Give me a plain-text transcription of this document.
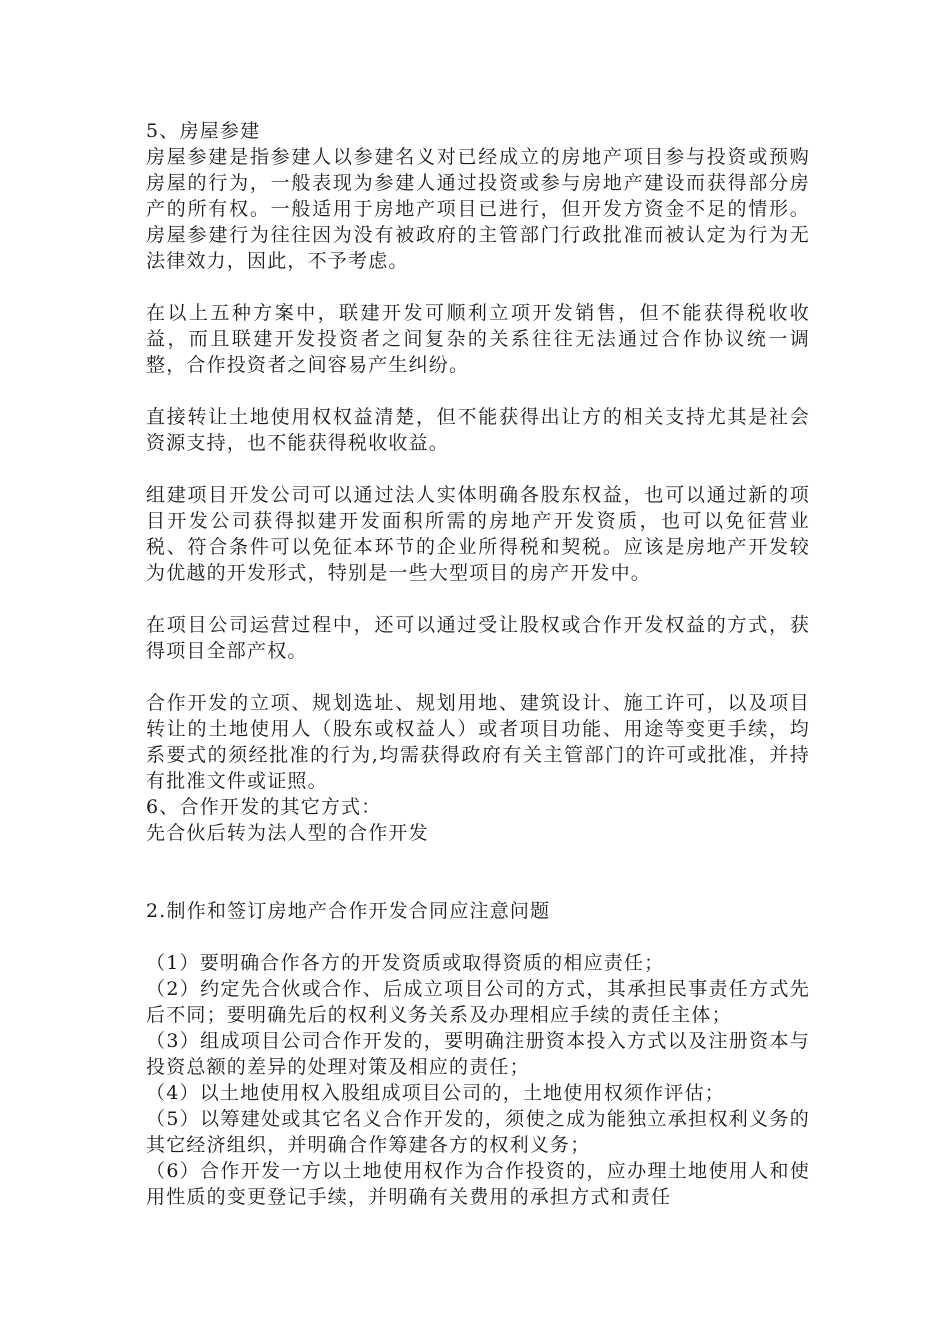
5、房屋参建

房屋参建是指参建人以参建名义对已经成立的房地产项目参与投资或预购房屋的行为，一般表现为参建人通过投资或参与房地产建设而获得部分房产的所有权。一般适用于房地产项目已进行，但开发方资金不足的情形。房屋参建行为往往因为没有被政府的主管部门行政批准而被认定为行为无法律效力，因此，不予考虑。

在以上五种方案中，联建开发可顺利立项开发销售，但不能获得税收收益，而且联建开发投资者之间复杂的关系往往无法通过合作协议统一调整，合作投资者之间容易产生纠纷。

直接转让土地使用权权益清楚，但不能获得出让方的相关支持尤其是社会资源支持，也不能获得税收收益。

组建项目开发公司可以通过法人实体明确各股东权益，也可以通过新的项目开发公司获得拟建开发面积所需的房地产开发资质，也可以免征营业税、符合条件可以免征本环节的企业所得税和契税。应该是房地产开发较为优越的开发形式，特别是一些大型项目的房产开发中。

在项目公司运营过程中，还可以通过受让股权或合作开发权益的方式，获得项目全部产权。

合作开发的立项、规划选址、规划用地、建筑设计、施工许可，以及项目转让的土地使用人（股东或权益人）或者项目功能、用途等变更手续，均系要式的须经批准的行为,均需获得政府有关主管部门的许可或批准，并持有批准文件或证照。

6、合作开发的其它方式：

先合伙后转为法人型的合作开发

2.制作和签订房地产合作开发合同应注意问题

（1）要明确合作各方的开发资质或取得资质的相应责任；

（2）约定先合伙或合作、后成立项目公司的方式，其承担民事责任方式先后不同；要明确先后的权利义务关系及办理相应手续的责任主体；

（3）组成项目公司合作开发的，要明确注册资本投入方式以及注册资本与投资总额的差异的处理对策及相应的责任；

（4）以土地使用权入股组成项目公司的，土地使用权须作评估；

（5）以筹建处或其它名义合作开发的，须使之成为能独立承担权利义务的其它经济组织，并明确合作筹建各方的权利义务；

（6）合作开发一方以土地使用权作为合作投资的，应办理土地使用人和使用性质的变更登记手续，并明确有关费用的承担方式和责任
